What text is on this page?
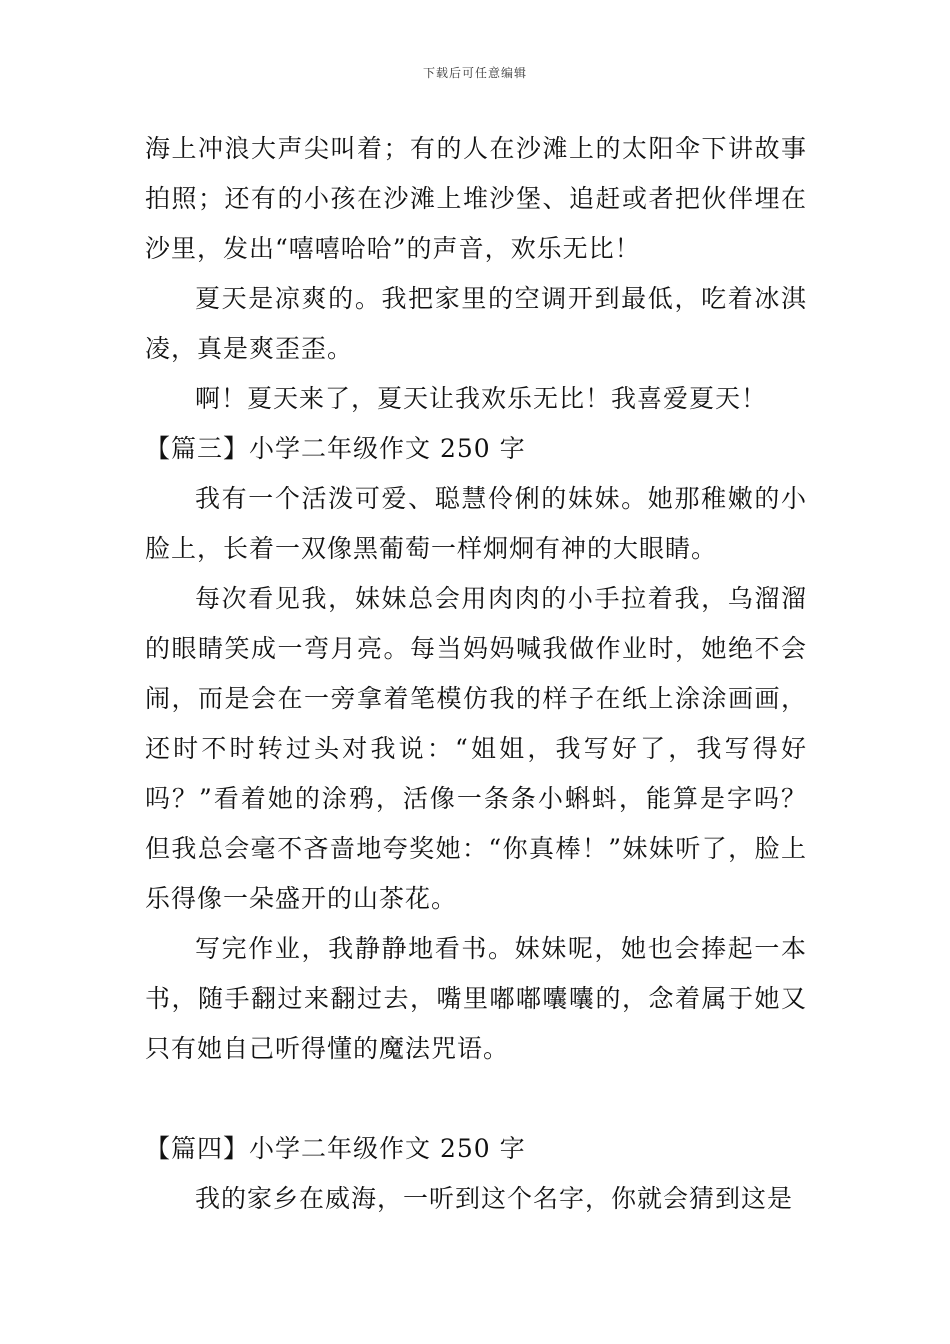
下载后可任意编辑

海上冲浪大声尖叫着；有的人在沙滩上的太阳伞下讲故事拍照；还有的小孩在沙滩上堆沙堡、追赶或者把伙伴埋在沙里，发出“嘻嘻哈哈”的声音，欢乐无比！

夏天是凉爽的。我把家里的空调开到最低，吃着冰淇凌，真是爽歪歪。

啊！夏天来了，夏天让我欢乐无比！我喜爱夏天！

【篇三】小学二年级作文 250 字

我有一个活泼可爱、聪慧伶俐的妹妹。她那稚嫩的小脸上，长着一双像黑葡萄一样炯炯有神的大眼睛。

每次看见我，妹妹总会用肉肉的小手拉着我，乌溜溜的眼睛笑成一弯月亮。每当妈妈喊我做作业时，她绝不会闹，而是会在一旁拿着笔模仿我的样子在纸上涂涂画画，还时不时转过头对我说：“姐姐，我写好了，我写得好吗？”看着她的涂鸦，活像一条条小蝌蚪，能算是字吗？但我总会毫不吝啬地夸奖她：“你真棒！”妹妹听了，脸上乐得像一朵盛开的山茶花。

写完作业，我静静地看书。妹妹呢，她也会捧起一本书，随手翻过来翻过去，嘴里嘟嘟囔囔的，念着属于她又只有她自己听得懂的魔法咒语。

【篇四】小学二年级作文 250 字

我的家乡在威海，一听到这个名字，你就会猜到这是
